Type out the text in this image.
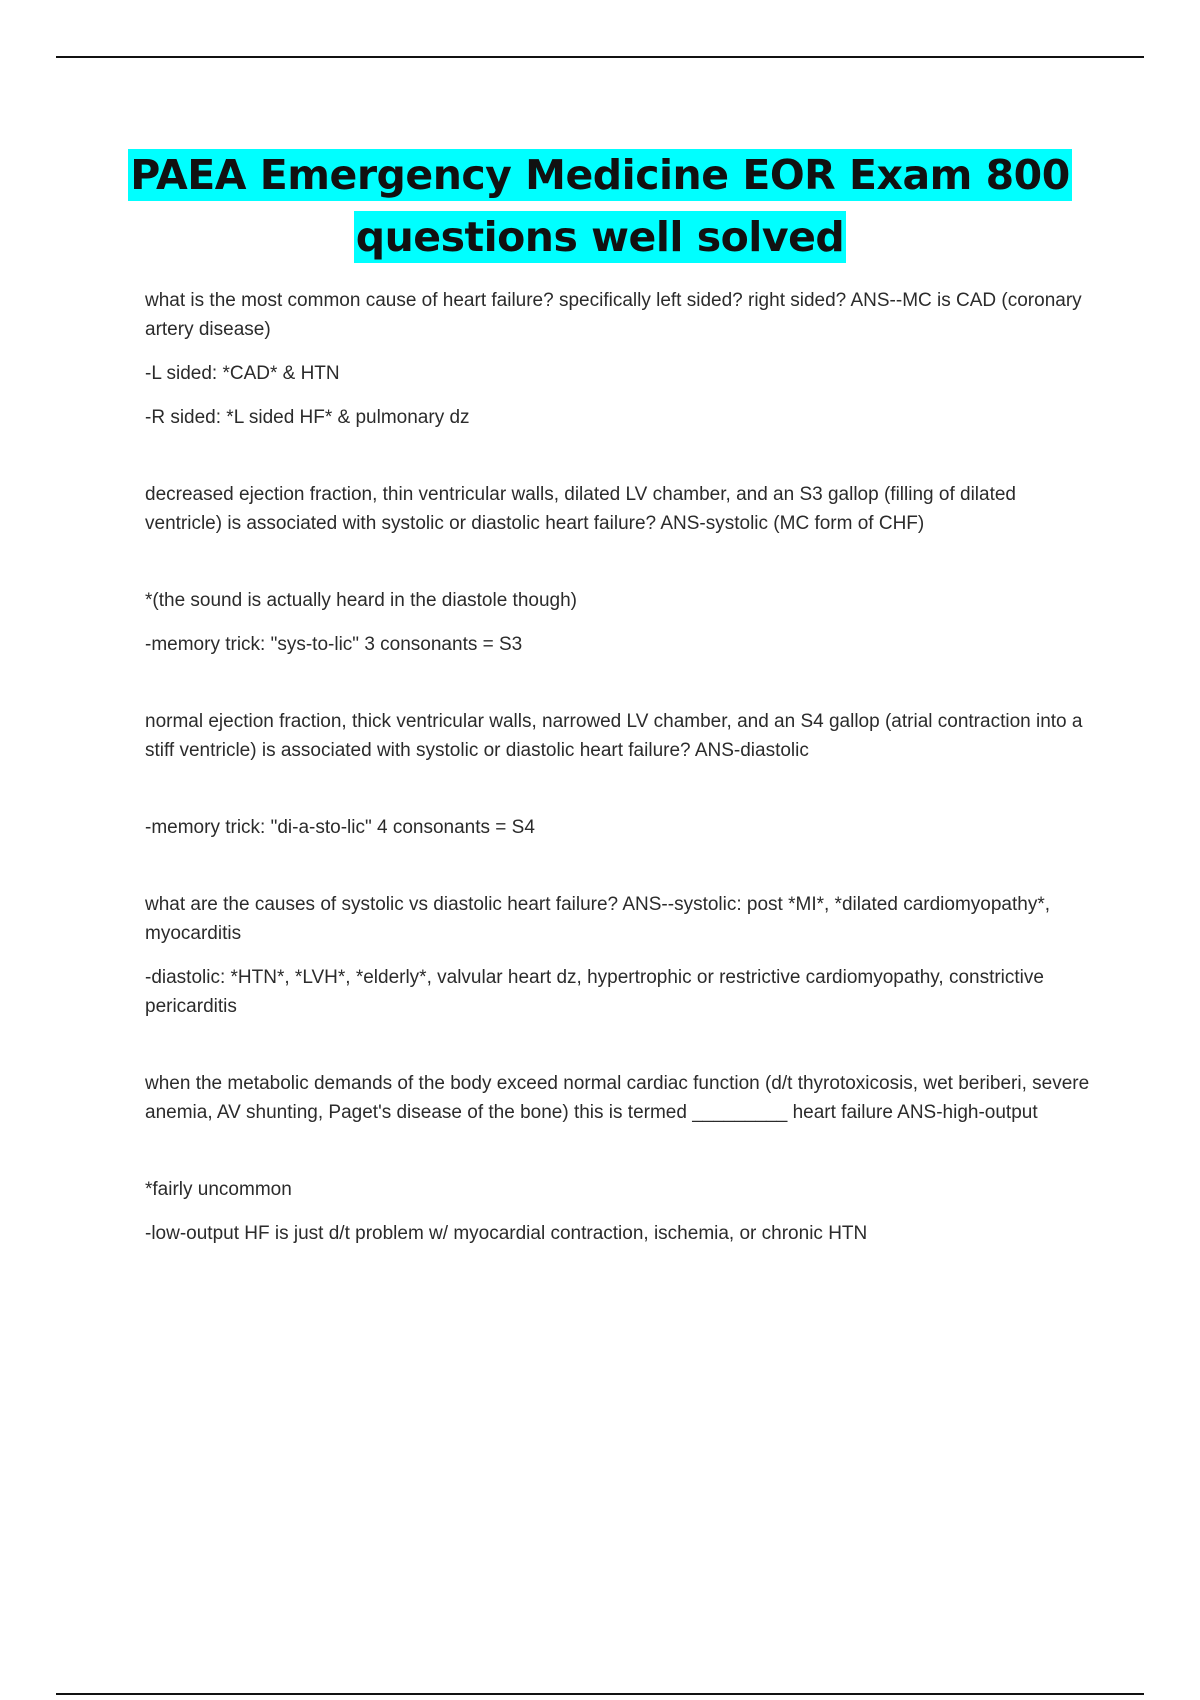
PAEA Emergency Medicine EOR Exam 800
questions well solved

what is the most common cause of heart failure? specifically left sided? right sided? ANS--MC is CAD (coronary artery disease)

-L sided: *CAD* & HTN

-R sided: *L sided HF* & pulmonary dz

decreased ejection fraction, thin ventricular walls, dilated LV chamber, and an S3 gallop (filling of dilated ventricle) is associated with systolic or diastolic heart failure? ANS-systolic (MC form of CHF)

*(the sound is actually heard in the diastole though)

-memory trick: "sys-to-lic" 3 consonants = S3

normal ejection fraction, thick ventricular walls, narrowed LV chamber, and an S4 gallop (atrial contraction into a stiff ventricle) is associated with systolic or diastolic heart failure? ANS-diastolic

-memory trick: "di-a-sto-lic" 4 consonants = S4

what are the causes of systolic vs diastolic heart failure? ANS--systolic: post *MI*, *dilated cardiomyopathy*, myocarditis

-diastolic: *HTN*, *LVH*, *elderly*, valvular heart dz, hypertrophic or restrictive cardiomyopathy, constrictive pericarditis

when the metabolic demands of the body exceed normal cardiac function (d/t thyrotoxicosis, wet beriberi, severe anemia, AV shunting, Paget's disease of the bone) this is termed _________ heart failure ANS-high-output

*fairly uncommon

-low-output HF is just d/t problem w/ myocardial contraction, ischemia, or chronic HTN
